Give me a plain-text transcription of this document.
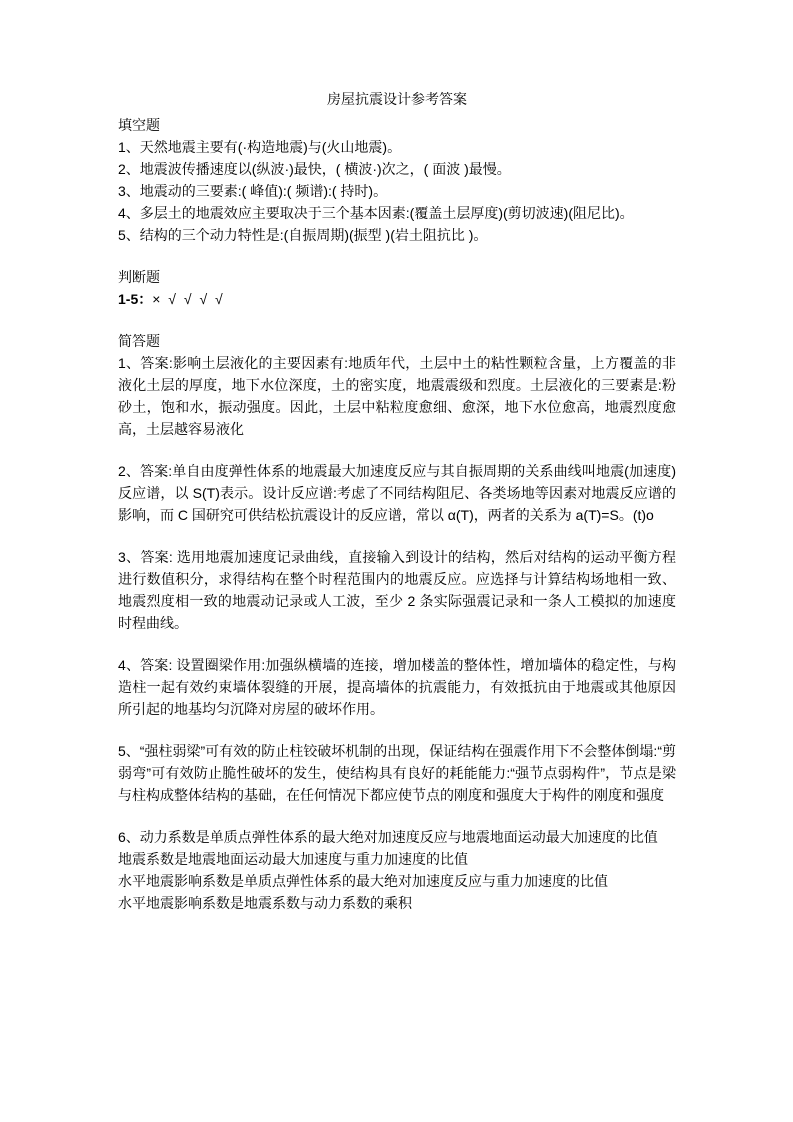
房屋抗震设计参考答案
填空题

1、天然地震主要有(·构造地震)与(火山地震)。

2、地震波传播速度以(纵波·)最快，( 横波·)次之，( 面波 )最慢。

3、地震动的三要素:( 峰值):( 频谱):( 持时)。

4、多层土的地震效应主要取决于三个基本因素:(覆盖土层厚度)(剪切波速)(阻尼比)。

5、结构的三个动力特性是:(自振周期)(振型 )(岩土阻抗比 )。

判断题

1-5：× √ √ √ √

简答题

1、答案:影响土层液化的主要因素有:地质年代，土层中土的粘性颗粒含量，上方覆盖的非液化土层的厚度，地下水位深度，土的密实度，地震震级和烈度。土层液化的三要素是:粉砂土，饱和水，振动强度。因此，土层中粘粒度愈细、愈深，地下水位愈高，地震烈度愈高，土层越容易液化

2、答案:单自由度弹性体系的地震最大加速度反应与其自振周期的关系曲线叫地震(加速度)反应谱，以 S(T)表示。设计反应谱:考虑了不同结构阻尼、各类场地等因素对地震反应谱的影响，而 C 国研究可供结松抗震设计的反应谱，常以 α(T)，两者的关系为 a(T)=S。(t)o

3、答案: 选用地震加速度记录曲线，直接输入到设计的结构，然后对结构的运动平衡方程进行数值积分，求得结构在整个时程范围内的地震反应。应选择与计算结构场地相一致、地震烈度相一致的地震动记录或人工波，至少 2 条实际强震记录和一条人工模拟的加速度时程曲线。

4、答案: 设置圈梁作用:加强纵横墙的连接，增加楼盖的整体性，增加墙体的稳定性，与构造柱一起有效约束墙体裂缝的开展，提高墙体的抗震能力，有效抵抗由于地震或其他原因所引起的地基均匀沉降对房屋的破坏作用。

5、“强柱弱梁”可有效的防止柱铰破坏机制的出现，保证结构在强震作用下不会整体倒塌:“剪弱弯”可有效防止脆性破坏的发生，使结构具有良好的耗能能力:“强节点弱构件”，节点是梁与柱构成整体结构的基础，在任何情况下都应使节点的刚度和强度大于构件的刚度和强度

6、动力系数是单质点弹性体系的最大绝对加速度反应与地震地面运动最大加速度的比值

地震系数是地震地面运动最大加速度与重力加速度的比值

水平地震影响系数是单质点弹性体系的最大绝对加速度反应与重力加速度的比值

水平地震影响系数是地震系数与动力系数的乘积
